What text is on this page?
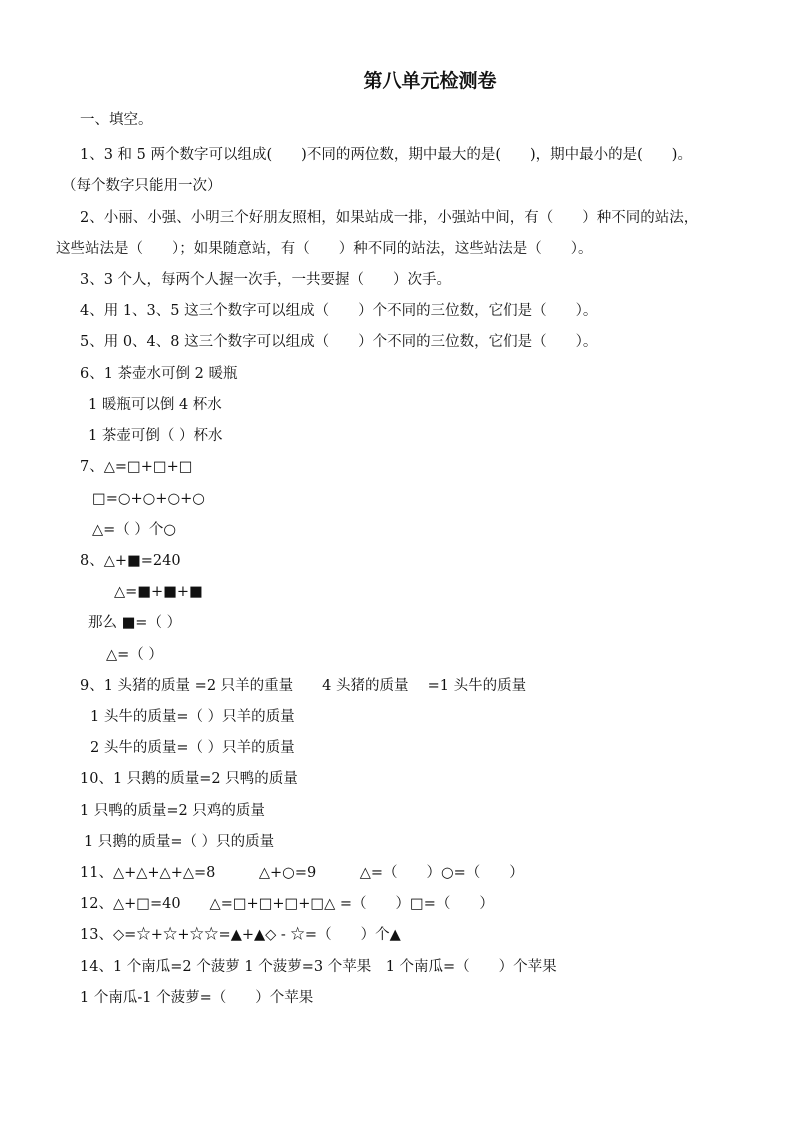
第八单元检测卷
一、填空。
1、3 和 5 两个数字可以组成(　　)不同的两位数，期中最大的是(　　)，期中最小的是(　　)。
（每个数字只能用一次）
2、小丽、小强、小明三个好朋友照相，如果站成一排，小强站中间，有（　　）种不同的站法，
这些站法是（　　）；如果随意站，有（　　）种不同的站法，这些站法是（　　）。
3、3 个人，每两个人握一次手，一共要握（　　）次手。
4、用 1、3、5 这三个数字可以组成（　　）个不同的三位数，它们是（　　）。
5、用 0、4、8 这三个数字可以组成（　　）个不同的三位数，它们是（　　）。
6、1 茶壶水可倒 2 暖瓶
1 暖瓶可以倒 4 杯水
1 茶壶可倒（ ）杯水
7、△=□+□+□
□=○+○+○+○
△=（ ）个○
8、△+■=240
△=■+■+■
那么 ■=（ ）
△=（ ）
9、1 头猪的质量 =2 只羊的重量　　4 头猪的质量　 =1 头牛的质量
1 头牛的质量=（ ）只羊的质量
2 头牛的质量=（ ）只羊的质量
10、1 只鹅的质量=2 只鸭的质量
1 只鸭的质量=2 只鸡的质量
1 只鹅的质量=（ ）只的质量
11、△+△+△+△=8　　　△+○=9　　　△=（　　）○=（　　）
12、△+□=40　　△=□+□+□+□△ =（　　）□=（　　）
13、◇=☆+☆+☆☆=▲+▲◇ - ☆=（　　）个▲
14、1 个南瓜=2 个菠萝 1 个菠萝=3 个苹果　1 个南瓜=（　　）个苹果
1 个南瓜-1 个菠萝=（　　）个苹果
